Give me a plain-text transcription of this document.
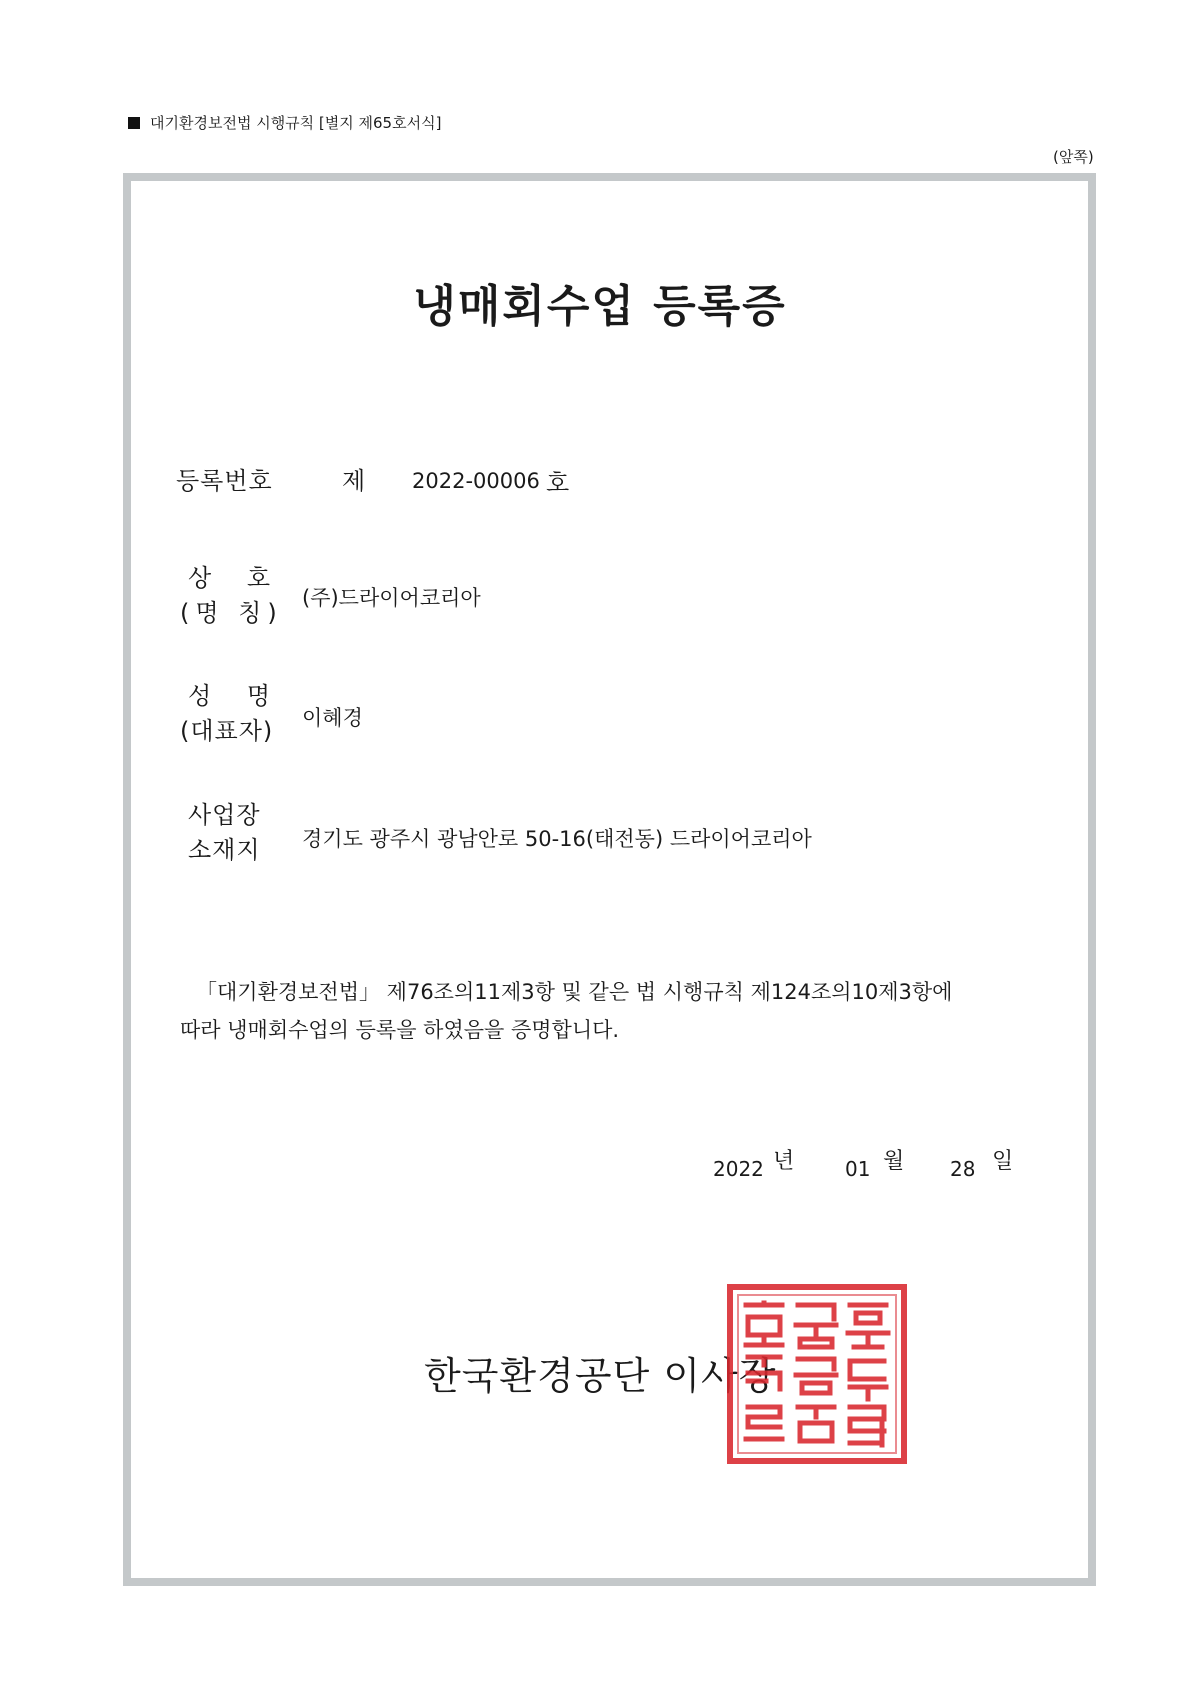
대기환경보전법 시행규칙 [별지 제65호서식]
(앞쪽)
냉매회수업 등록증
등록번호	제 2022-00006 호
상 호
(명 칭)
(주)드라이어코리아
성 명
(대표자) 이혜경
사업장
소재지 경기도 광주시 광남안로 50-16(태전동) 드라이어코리아
「대기환경보전법」 제76조의11제3항 및 같은 법 시행규칙 제124조의10제3항에
따라 냉매회수업의 등록을 하였음을 증명합니다.
2022 년	01 월 28 일
한국환경공단 이사장
